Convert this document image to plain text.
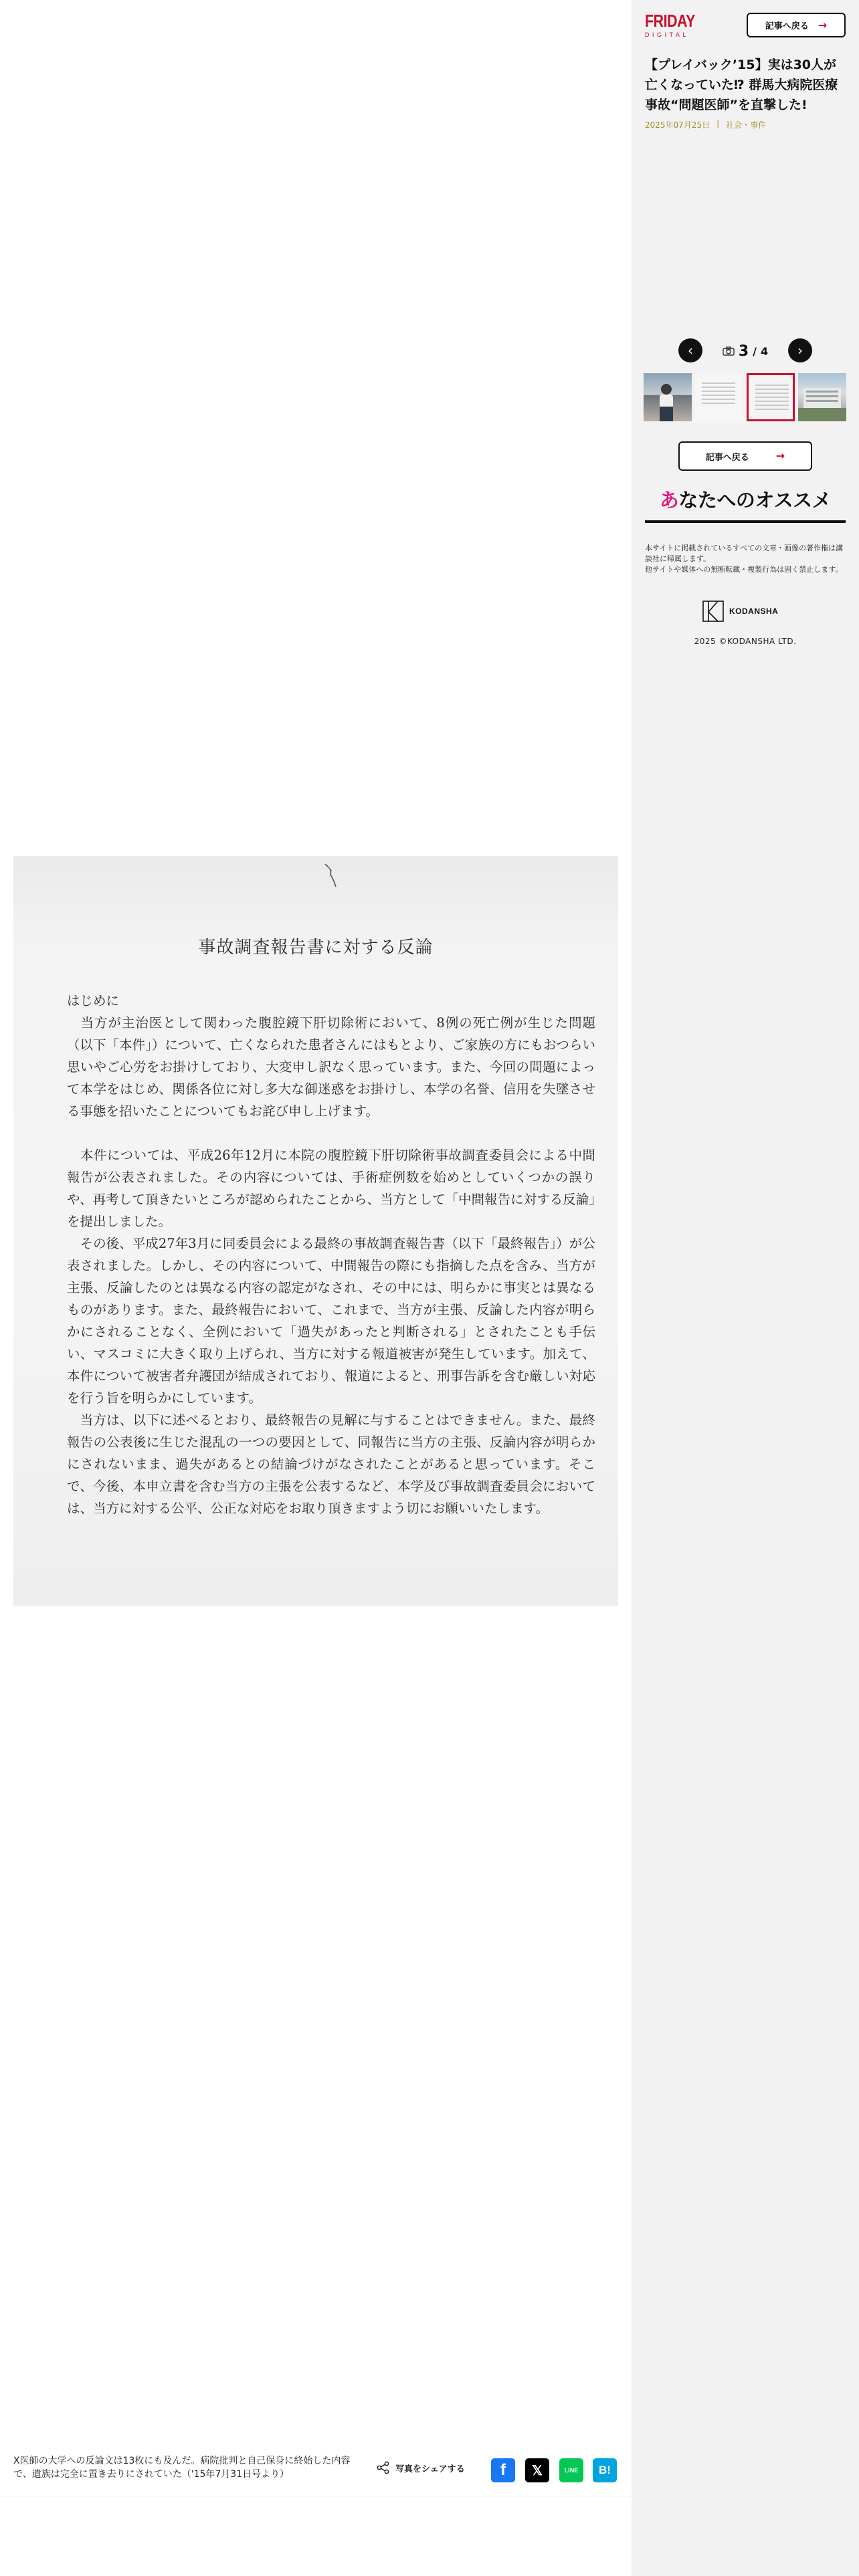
事故調査報告書に対する反論

はじめに

　当方が主治医として関わった腹腔鏡下肝切除術において、8例の死亡例が生じた問題（以下「本件」）について、亡くなられた患者さんにはもとより、ご家族の方にもおつらい思いやご心労をお掛けしており、大変申し訳なく思っています。また、今回の問題によって本学をはじめ、関係各位に対し多大な御迷惑をお掛けし、本学の名誉、信用を失墜させる事態を招いたことについてもお詫び申し上げます。

　本件については、平成26年12月に本院の腹腔鏡下肝切除術事故調査委員会による中間報告が公表されました。その内容については、手術症例数を始めとしていくつかの誤りや、再考して頂きたいところが認められたことから、当方として「中間報告に対する反論」を提出しました。

　その後、平成27年3月に同委員会による最終の事故調査報告書（以下「最終報告」）が公表されました。しかし、その内容について、中間報告の際にも指摘した点を含み、当方が主張、反論したのとは異なる内容の認定がなされ、その中には、明らかに事実とは異なるものがあります。また、最終報告において、これまで、当方が主張、反論した内容が明らかにされることなく、全例において「過失があったと判断される」とされたことも手伝い、マスコミに大きく取り上げられ、当方に対する報道被害が発生しています。加えて、本件について被害者弁護団が結成されており、報道によると、刑事告訴を含む厳しい対応を行う旨を明らかにしています。

　当方は、以下に述べるとおり、最終報告の見解に与することはできません。また、最終報告の公表後に生じた混乱の一つの要因として、同報告に当方の主張、反論内容が明らかにされないまま、過失があるとの結論づけがなされたことがあると思っています。そこで、今後、本申立書を含む当方の主張を公表するなど、本学及び事故調査委員会においては、当方に対する公平、公正な対応をお取り頂きますよう切にお願いいたします。

X医師の大学への反論文は13枚にも及んだ。病院批判と自己保身に終始した内容で、遺族は完全に置き去りにされていた（'15年7月31日号より）	写真をシェアする f 𝕏	LINE B!
FRIDAY
DIGITAL
記事へ戻る →
【プレイバック’15】実は30人が亡くなっていた⁉ 群馬大病院医療事故“問題医師”を直撃した!
2025年07月25日 | 社会・事件
‹	3 / 4 ›
記事へ戻る	→
あなたへのオススメ
本サイトに掲載されているすべての文章・画像の著作権は講談社に帰属します。
他サイトや媒体への無断転載・複製行為は固く禁止します。
KODANSHA
2025 ©KODANSHA LTD.
